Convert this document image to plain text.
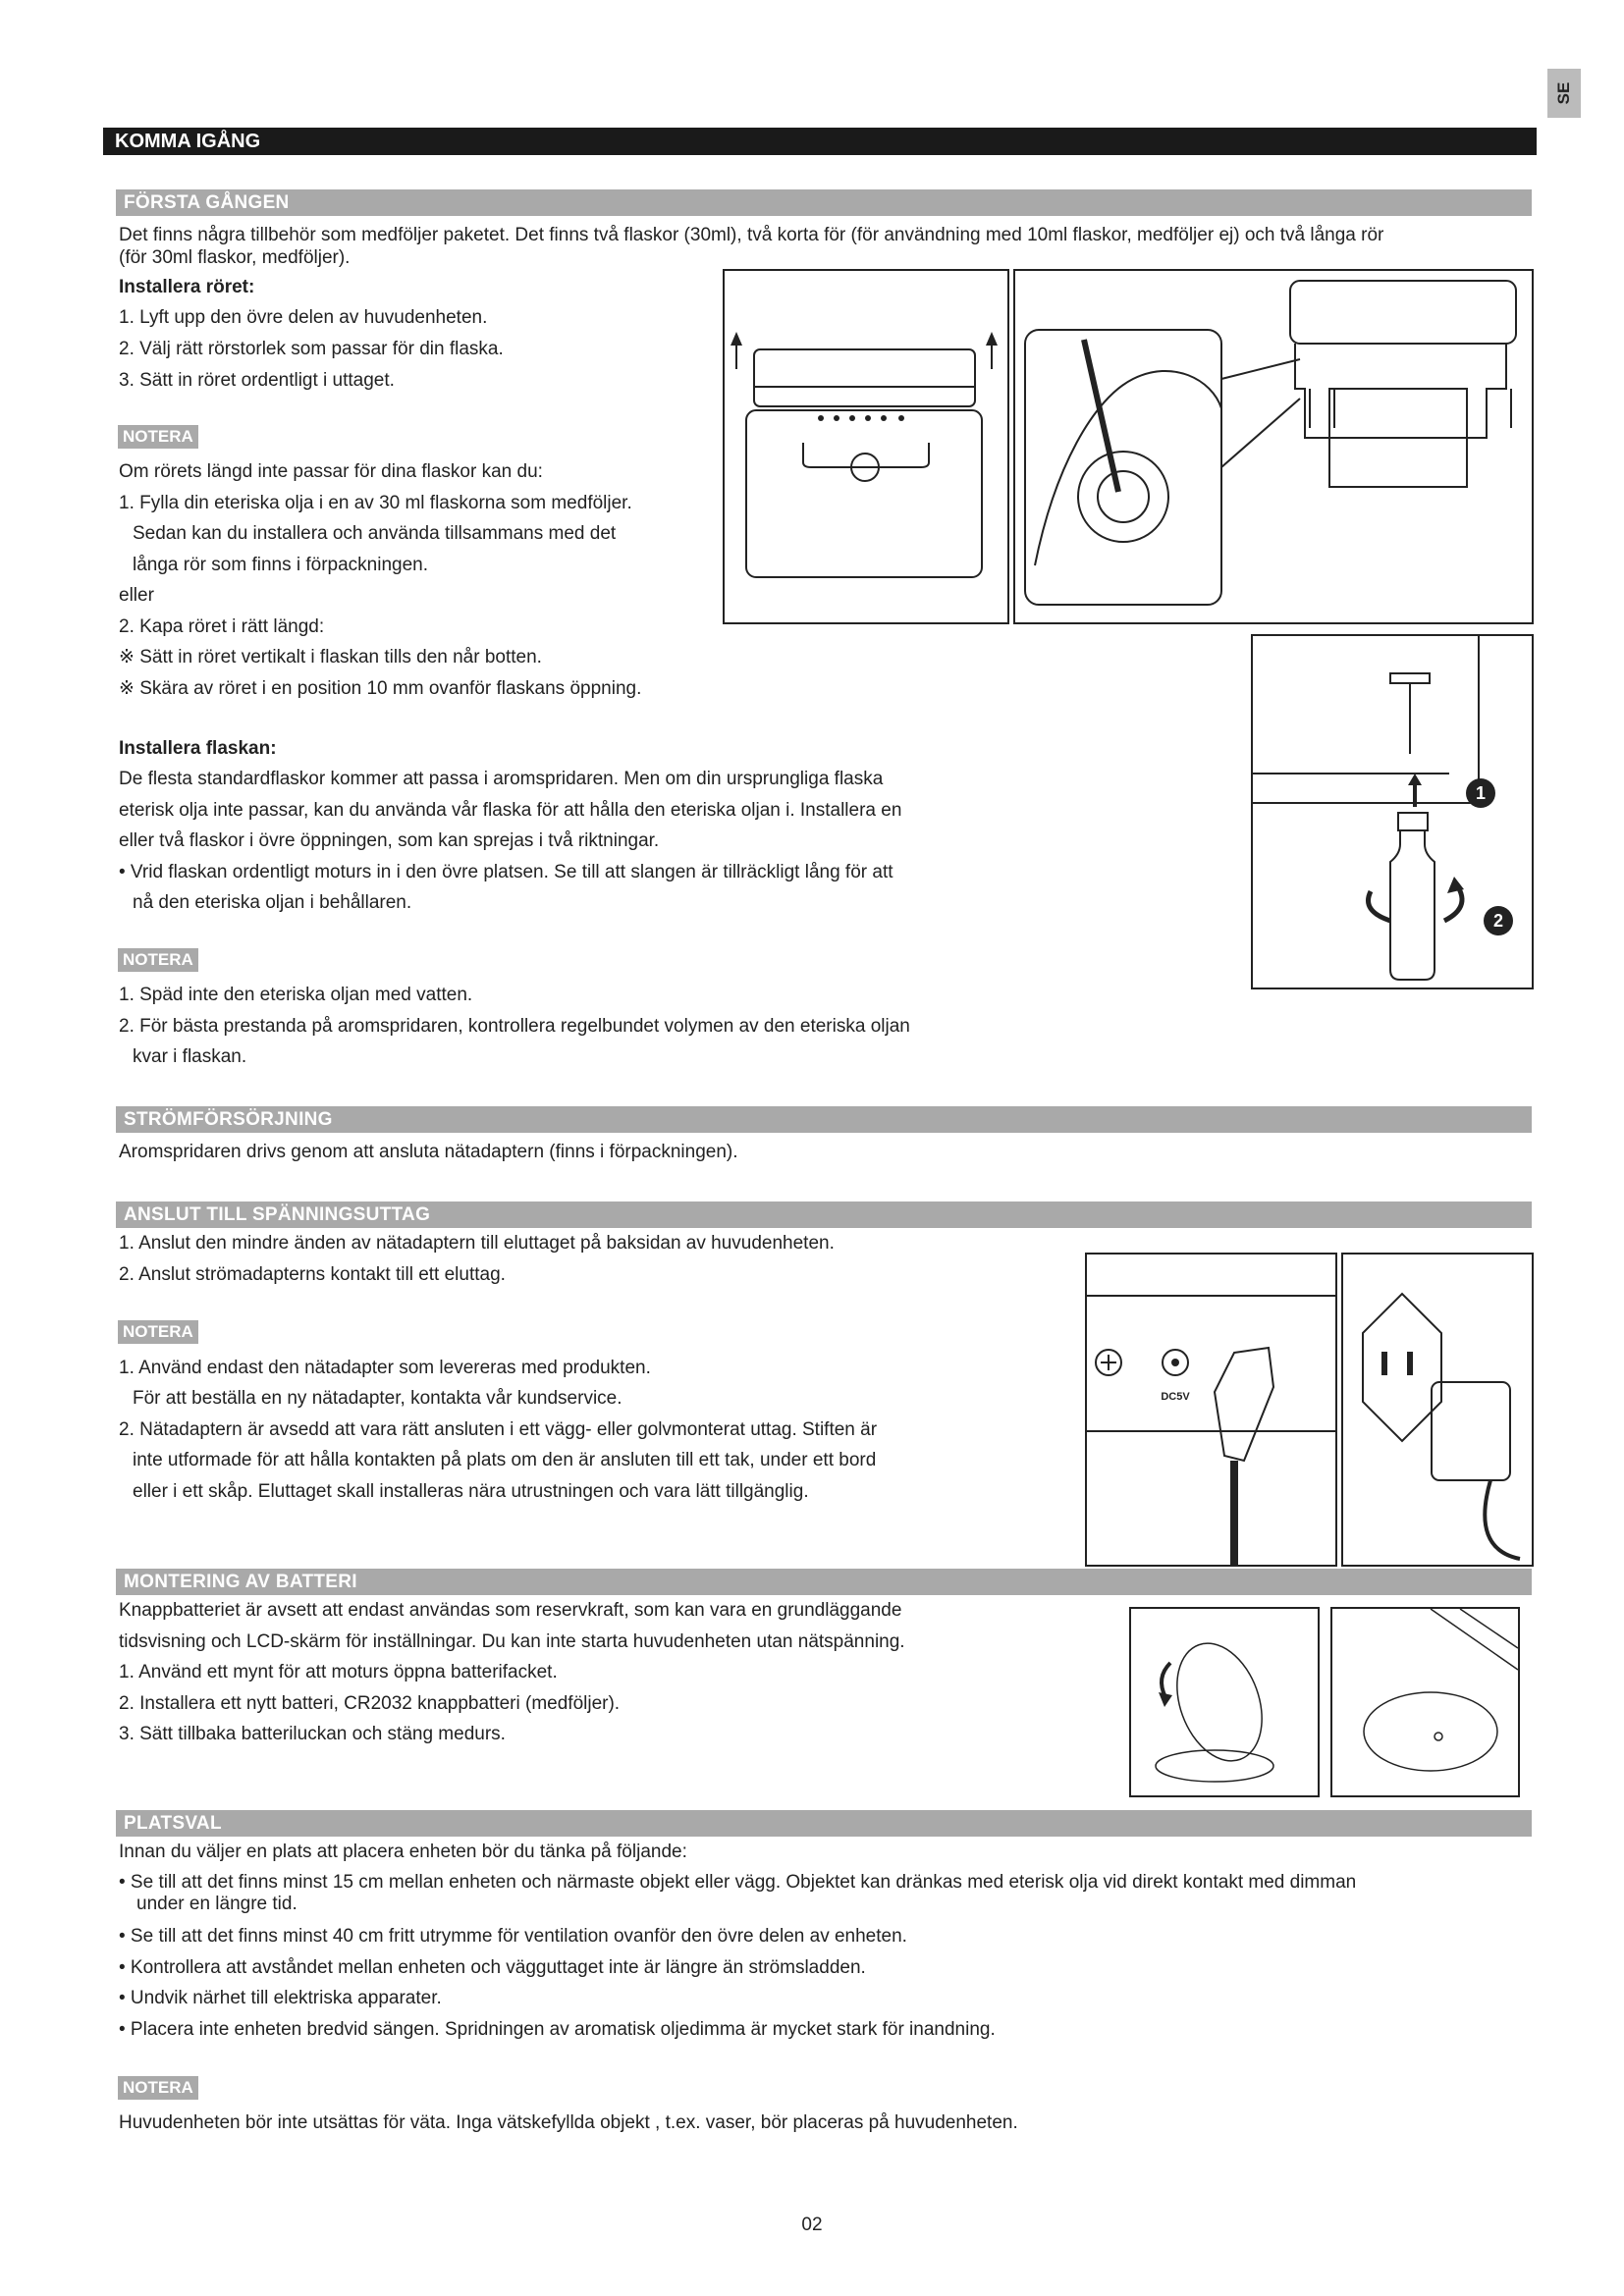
SE
KOMMA IGÅNG
FÖRSTA GÅNGEN
Det finns några tillbehör som medföljer paketet. Det finns två flaskor (30ml), två korta för (för användning med 10ml flaskor, medföljer ej) och två långa rör
(för 30ml flaskor, medföljer).
Installera röret:
1. Lyft upp den övre delen av huvudenheten.
2. Välj rätt rörstorlek som passar för din flaska.
3. Sätt in röret ordentligt i uttaget.
NOTERA
Om rörets längd inte passar för dina flaskor kan du:
1. Fylla din eteriska olja i en av 30 ml flaskorna som medföljer.
Sedan kan du installera och använda tillsammans med det
långa rör som finns i förpackningen.
eller
2. Kapa röret i rätt längd:
※ Sätt in röret vertikalt i flaskan tills den når botten.
※ Skära av röret i en position 10 mm ovanför flaskans öppning.
Installera flaskan:
De flesta standardflaskor kommer att passa i aromspridaren. Men om din ursprungliga flaska
eterisk olja inte passar, kan du använda vår flaska för att hålla den eteriska oljan i. Installera en
eller två flaskor i övre öppningen, som kan sprejas i två riktningar.
• Vrid flaskan ordentligt moturs in i den övre platsen. Se till att slangen är tillräckligt lång för att
nå den eteriska oljan i behållaren.
NOTERA
1. Späd inte den eteriska oljan med vatten.
2. För bästa prestanda på aromspridaren, kontrollera regelbundet volymen av den eteriska oljan
kvar i flaskan.
1
2
STRÖMFÖRSÖRJNING
Aromspridaren drivs genom att ansluta nätadaptern (finns i förpackningen).
ANSLUT TILL SPÄNNINGSUTTAG
1. Anslut den mindre änden av nätadaptern till eluttaget på baksidan av huvudenheten.
2. Anslut strömadapterns kontakt till ett eluttag.
NOTERA
1. Använd endast den nätadapter som levereras med produkten.
För att beställa en ny nätadapter, kontakta vår kundservice.
2. Nätadaptern är avsedd att vara rätt ansluten i ett vägg- eller golvmonterat uttag. Stiften är
inte utformade för att hålla kontakten på plats om den är ansluten till ett tak, under ett bord
eller i ett skåp. Eluttaget skall installeras nära utrustningen och vara lätt tillgänglig.
DC5V
MONTERING AV BATTERI
Knappbatteriet är avsett att endast användas som reservkraft, som kan vara en grundläggande
tidsvisning och LCD-skärm för inställningar. Du kan inte starta huvudenheten utan nätspänning.
1. Använd ett mynt för att moturs öppna batterifacket.
2. Installera ett nytt batteri, CR2032 knappbatteri (medföljer).
3. Sätt tillbaka batteriluckan och stäng medurs.
PLATSVAL
Innan du väljer en plats att placera enheten bör du tänka på följande:
• Se till att det finns minst 15 cm mellan enheten och närmaste objekt eller vägg. Objektet kan dränkas med eterisk olja vid direkt kontakt med dimman
under en längre tid.
• Se till att det finns minst 40 cm fritt utrymme för ventilation ovanför den övre delen av enheten.
• Kontrollera att avståndet mellan enheten och vägguttaget inte är längre än strömsladden.
• Undvik närhet till elektriska apparater.
• Placera inte enheten bredvid sängen. Spridningen av aromatisk oljedimma är mycket stark för inandning.
NOTERA
Huvudenheten bör inte utsättas för väta. Inga vätskefyllda objekt , t.ex. vaser, bör placeras på huvudenheten.
02
